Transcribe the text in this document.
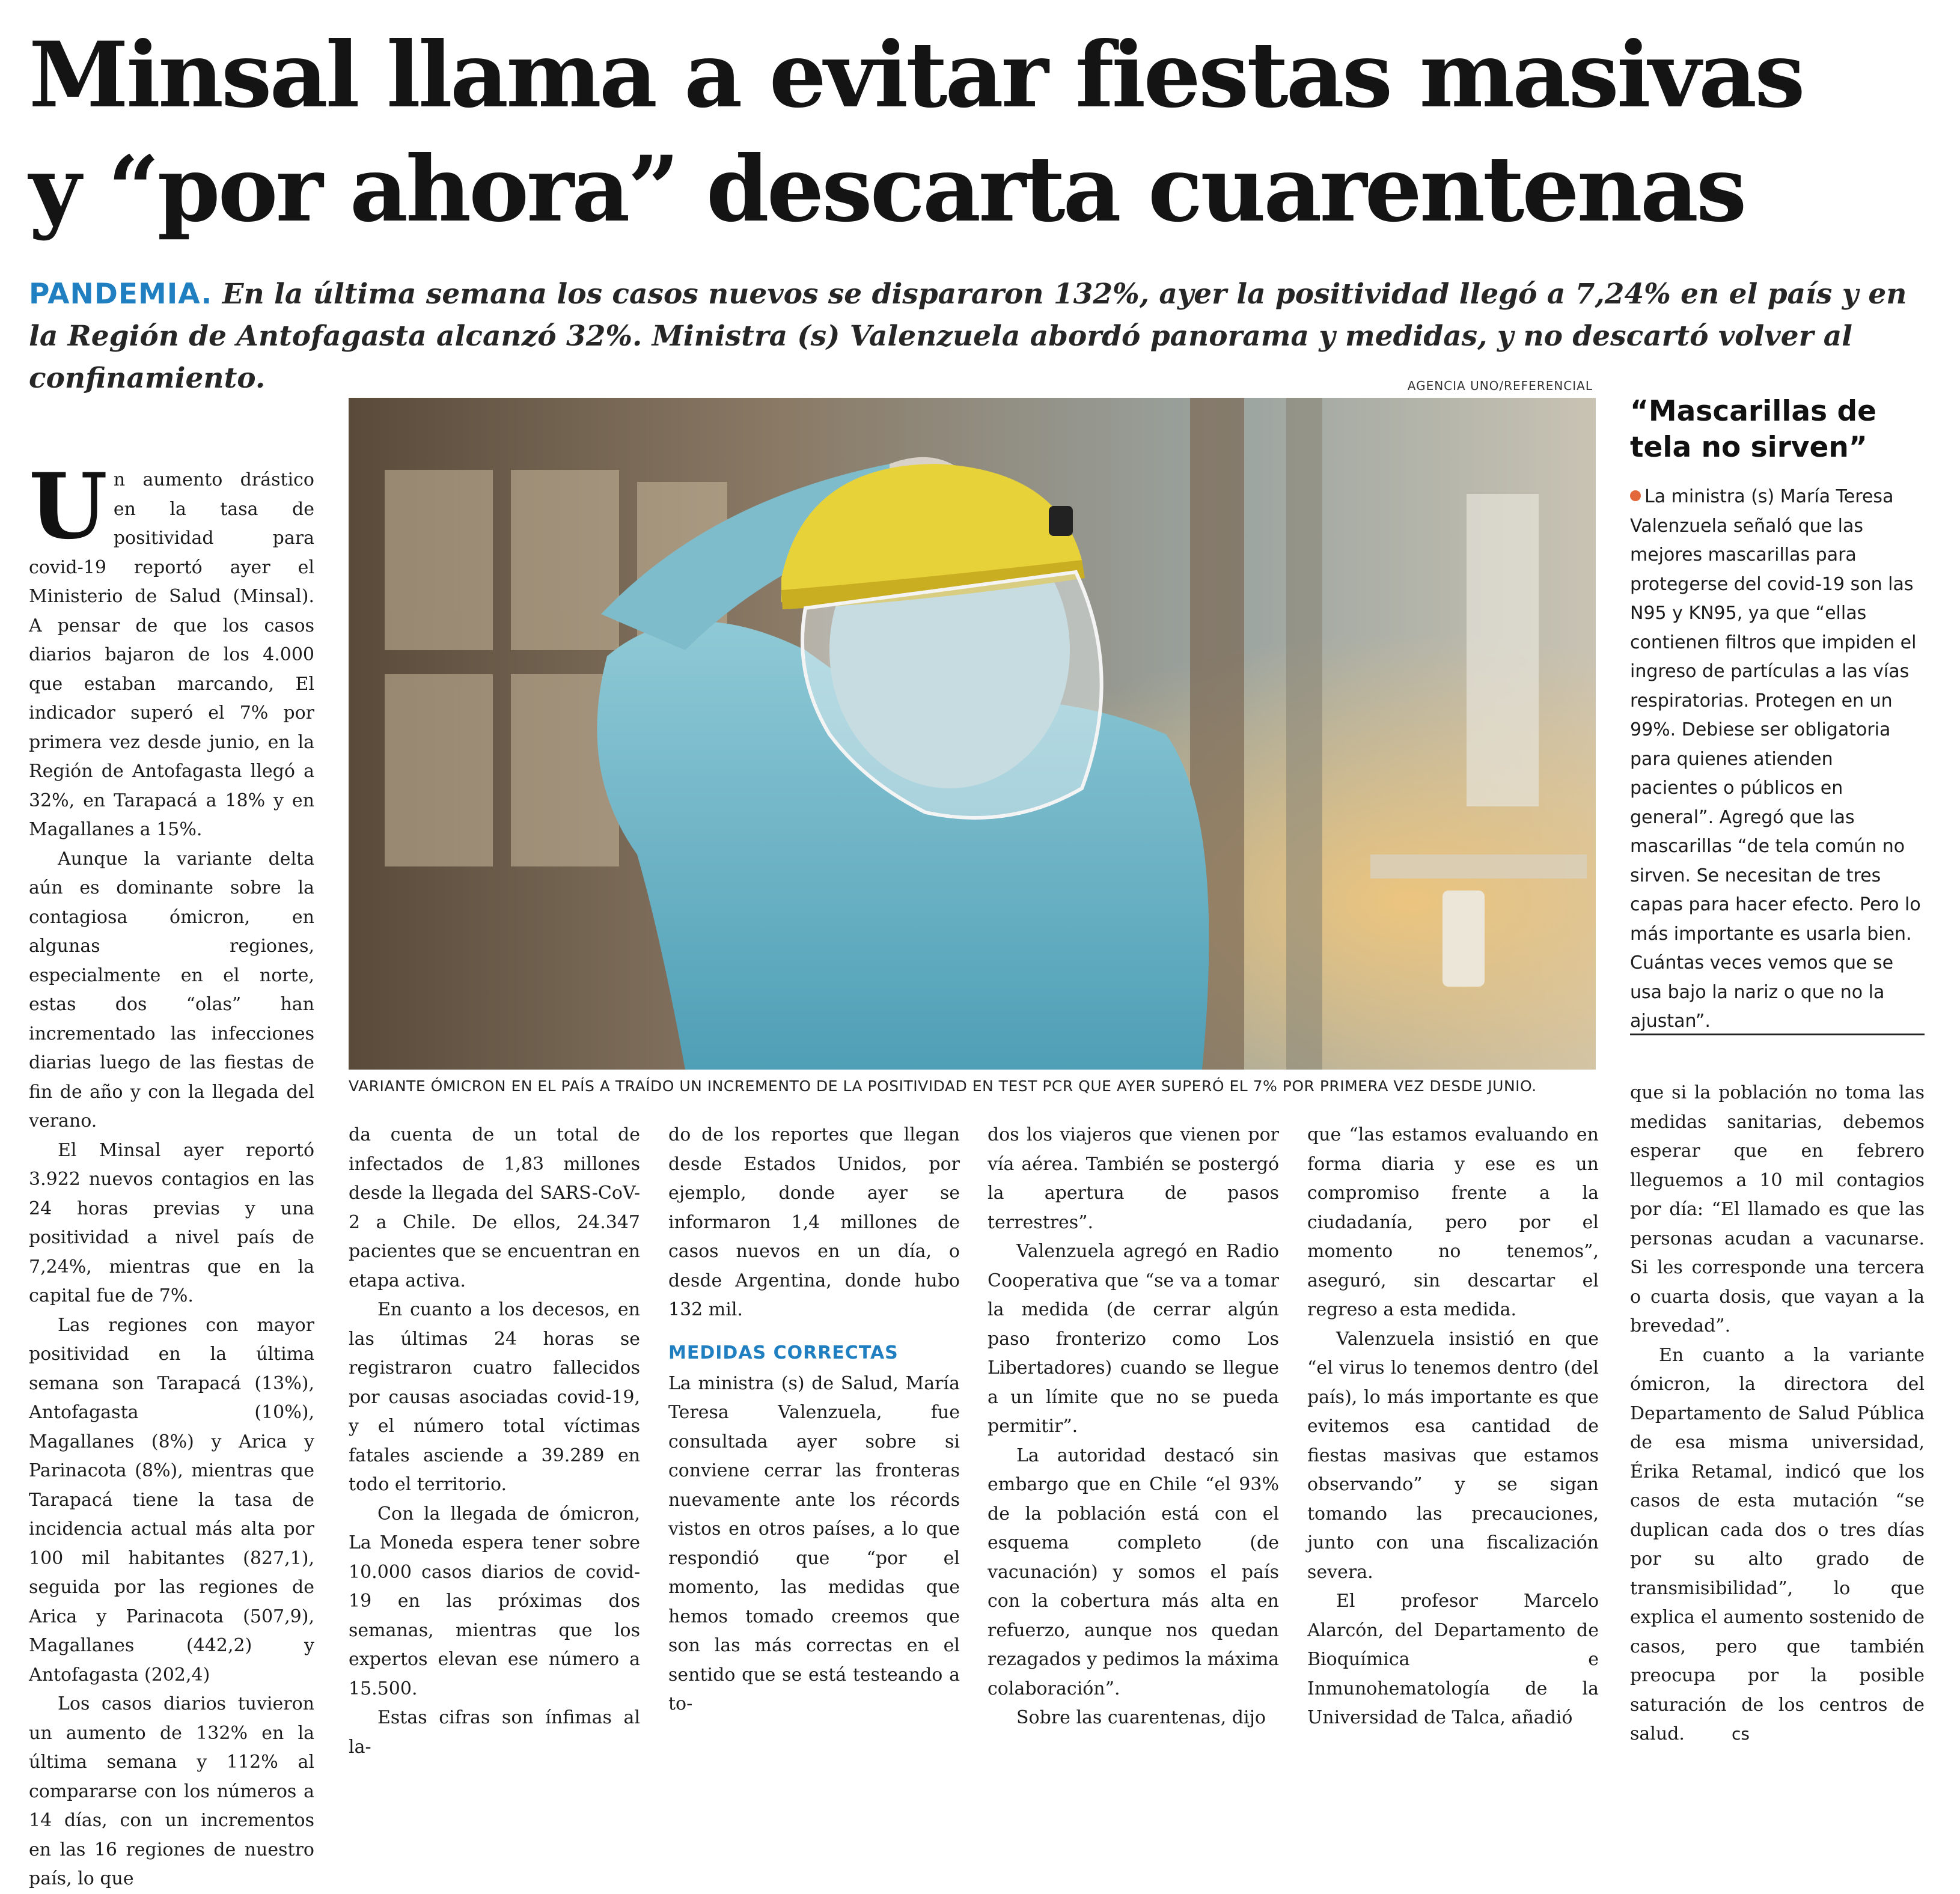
Minsal llama a evitar fiestas masivas
y “por ahora” descarta cuarentenas

PANDEMIA. En la última semana los casos nuevos se dispararon 132%, ayer la positividad llegó a 7,24% en el país y en la Región de Antofagasta alcanzó 32%. Ministra (s) Valenzuela abordó panorama y medidas, y no descartó volver al confinamiento.	AGENCIA UNO/REFERENCIAL
VARIANTE ÓMICRON EN EL PAÍS A TRAÍDO UN INCREMENTO DE LA POSITIVIDAD EN TEST PCR QUE AYER SUPERÓ EL 7% POR PRIMERA VEZ DESDE JUNIO.

Un aumento drástico en la tasa de positividad para covid-19 reportó ayer el Ministerio de Salud (Minsal). A pensar de que los casos diarios bajaron de los 4.000 que estaban marcando, El indicador superó el 7% por primera vez desde junio, en la Región de Antofagasta llegó a 32%, en Tarapacá a 18% y en Magallanes a 15%.

Aunque la variante delta aún es dominante sobre la contagiosa ómicron, en algunas regiones, especialmente en el norte, estas dos “olas” han incrementado las infecciones diarias luego de las fiestas de fin de año y con la llegada del verano.

El Minsal ayer reportó 3.922 nuevos contagios en las 24 horas previas y una positividad a nivel país de 7,24%, mientras que en la capital fue de 7%.

Las regiones con mayor positividad en la última semana son Tarapacá (13%), Antofagasta (10%), Magallanes (8%) y Arica y Parinacota (8%), mientras que Tarapacá tiene la tasa de incidencia actual más alta por 100 mil habitantes (827,1), seguida por las regiones de Arica y Parinacota (507,9), Magallanes (442,2) y Antofagasta (202,4)

Los casos diarios tuvieron un aumento de 132% en la última semana y 112% al compararse con los números a 14 días, con un incrementos en las 16 regiones de nuestro país, lo que

da cuenta de un total de infectados de 1,83 millones desde la llegada del SARS-CoV-2 a Chile. De ellos, 24.347 pacientes que se encuentran en etapa activa.

En cuanto a los decesos, en las últimas 24 horas se registraron cuatro fallecidos por causas asociadas covid-19, y el número total víctimas fatales asciende a 39.289 en todo el territorio.

Con la llegada de ómicron, La Moneda espera tener sobre 10.000 casos diarios de covid-19 en las próximas dos semanas, mientras que los expertos elevan ese número a 15.500.

Estas cifras son ínfimas al la-

do de los reportes que llegan desde Estados Unidos, por ejemplo, donde ayer se informaron 1,4 millones de casos nuevos en un día, o desde Argentina, donde hubo 132 mil.

MEDIDAS CORRECTAS

La ministra (s) de Salud, María Teresa Valenzuela, fue consultada ayer sobre si conviene cerrar las fronteras nuevamente ante los récords vistos en otros países, a lo que respondió que “por el momento, las medidas que hemos tomado creemos que son las más correctas en el sentido que se está testeando a to-

dos los viajeros que vienen por vía aérea. También se postergó la apertura de pasos terrestres”.

Valenzuela agregó en Radio Cooperativa que “se va a tomar la medida (de cerrar algún paso fronterizo como Los Libertadores) cuando se llegue a un límite que no se pueda permitir”.

La autoridad destacó sin embargo que en Chile “el 93% de la población está con el esquema completo (de vacunación) y somos el país con la cobertura más alta en refuerzo, aunque nos quedan rezagados y pedimos la máxima colaboración”.

Sobre las cuarentenas, dijo

que “las estamos evaluando en forma diaria y ese es un compromiso frente a la ciudadanía, pero por el momento no tenemos”, aseguró, sin descartar el regreso a esta medida.

Valenzuela insistió en que “el virus lo tenemos dentro (del país), lo más importante es que evitemos esa cantidad de fiestas masivas que estamos observando” y se sigan tomando las precauciones, junto con una fiscalización severa.

El profesor Marcelo Alarcón, del Departamento de Bioquímica e Inmunohematología de la Universidad de Talca, añadió

que si la población no toma las medidas sanitarias, debemos esperar que en febrero lleguemos a 10 mil contagios por día: “El llamado es que las personas acudan a vacunarse. Si les corresponde una tercera o cuarta dosis, que vayan a la brevedad”.

En cuanto a la variante ómicron, la directora del Departamento de Salud Pública de esa misma universidad, Érika Retamal, indicó que los casos de esta mutación “se duplican cada dos o tres días por su alto grado de transmisibilidad”, lo que explica el aumento sostenido de casos, pero que también preocupa por la posible saturación de los centros de salud.	cs

“Mascarillas de tela no sirven”

La ministra (s) María Teresa Valenzuela señaló que las mejores mascarillas para protegerse del covid-19 son las N95 y KN95, ya que “ellas contienen filtros que impiden el ingreso de partículas a las vías respiratorias. Protegen en un 99%. Debiese ser obligatoria para quienes atienden pacientes o públicos en general”. Agregó que las mascarillas “de tela común no sirven. Se necesitan de tres capas para hacer efecto. Pero lo más importante es usarla bien. Cuántas veces vemos que se usa bajo la nariz o que no la ajustan”.
